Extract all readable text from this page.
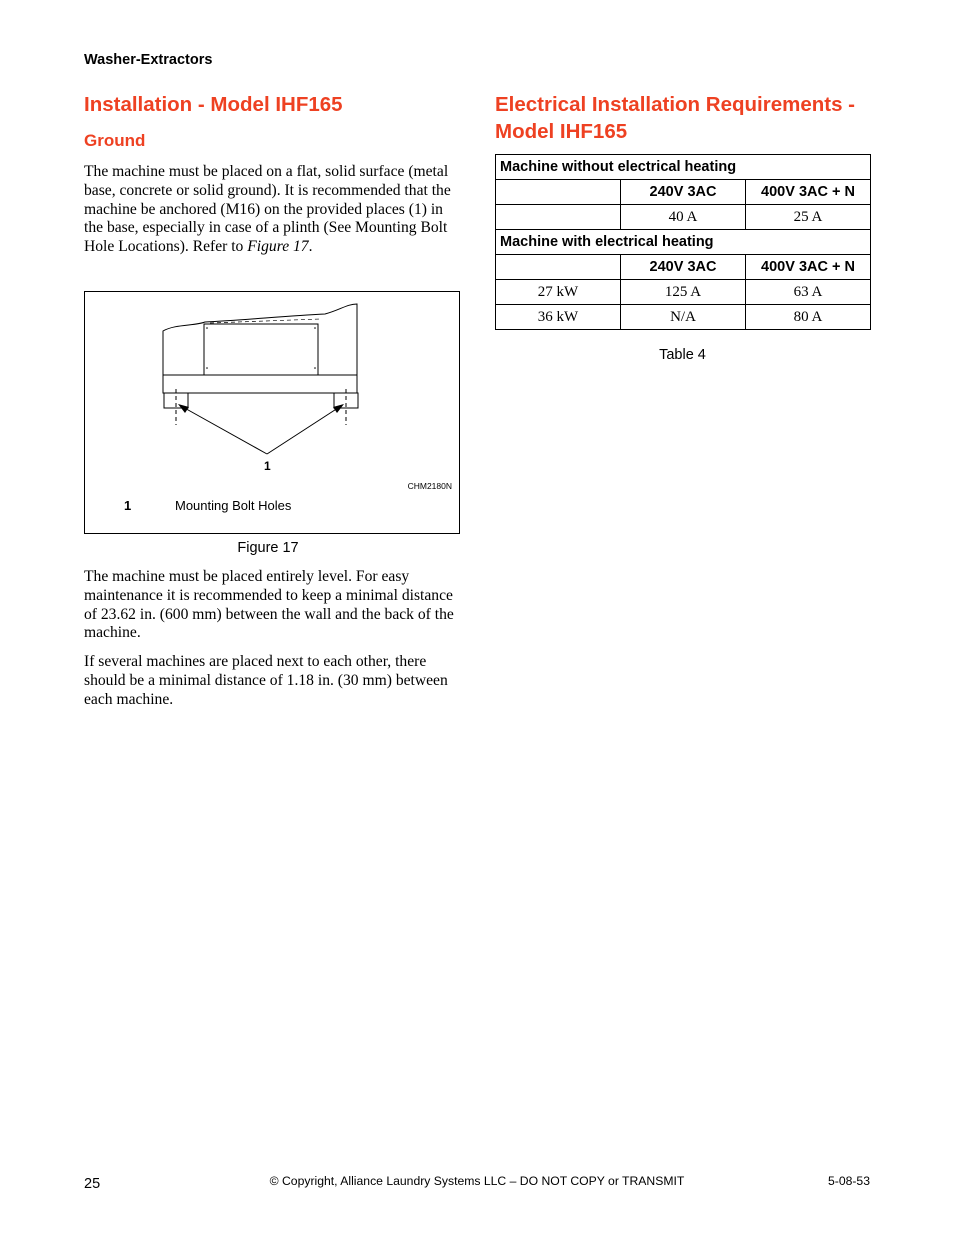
Washer-Extractors
Installation - Model IHF165
Ground
The machine must be placed on a flat, solid surface (metal base, concrete or solid ground). It is recommended that the machine be anchored (M16) on the provided places (1) in the base, especially in case of a plinth (See Mounting Bolt Hole Locations). Refer to Figure 17.
1
CHM2180N
1	Mounting Bolt Holes
Figure 17
The machine must be placed entirely level. For easy maintenance it is recommended to keep a minimal distance of 23.62 in. (600 mm) between the wall and the back of the machine.
If several machines are placed next to each other, there should be a minimal distance of 1.18 in. (30 mm) between each machine.
Electrical Installation Requirements - Model IHF165
Machine without electrical heating		
	240V 3AC	400V 3AC + N
	40 A	25 A
Machine with electrical heating		
	240V 3AC	400V 3AC + N
27 kW	125 A	63 A
36 kW	N/A	80 A
Table 4
25	© Copyright, Alliance Laundry Systems LLC – DO NOT COPY or TRANSMIT	5-08-53
